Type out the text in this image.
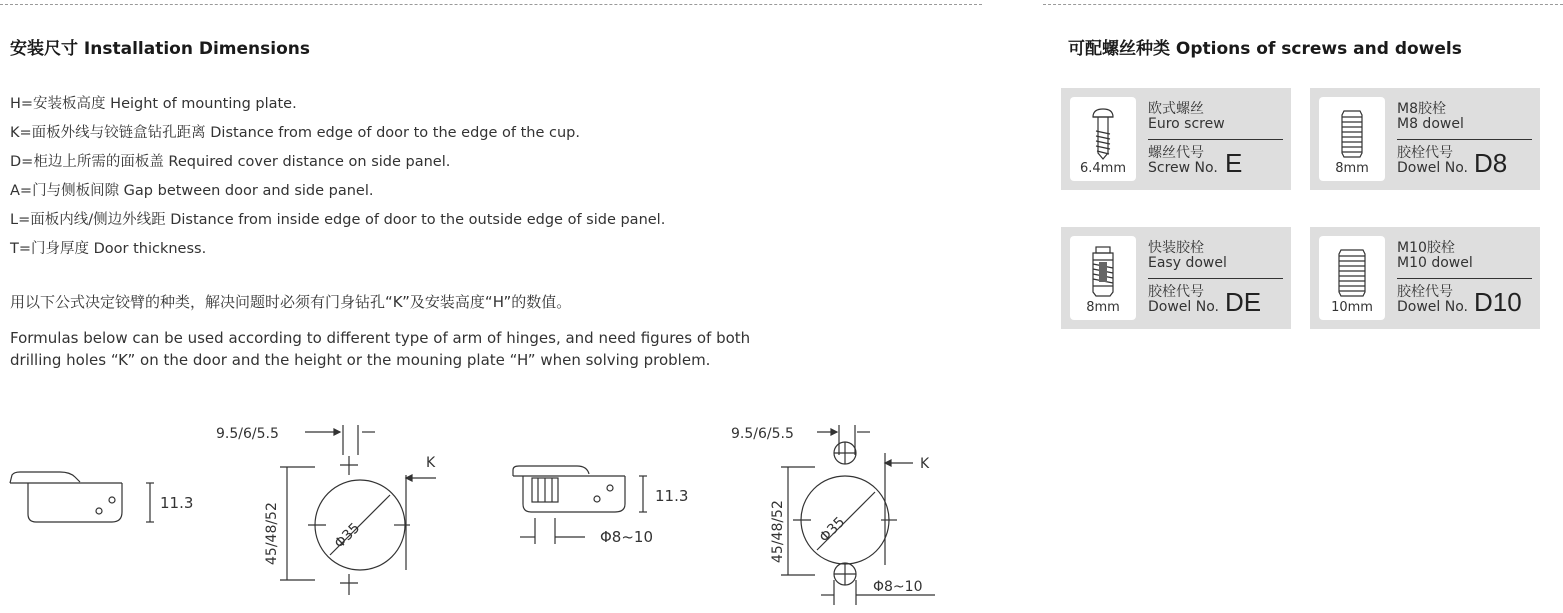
安装尺寸 Installation Dimensions
H=安装板高度 Height of mounting plate.
K=面板外线与铰链盒钻孔距离 Distance from edge of door to the edge of the cup.
D=柜边上所需的面板盖 Required cover distance on side panel.
A=门与侧板间隙 Gap between door and side panel.
L=面板内线/侧边外线距 Distance from inside edge of door to the outside edge of side panel.
T=门身厚度 Door thickness.
用以下公式决定铰臂的种类，解决问题时必须有门身钻孔“K”及安装高度“H”的数值。
Formulas below can be used according to different type of arm of hinges, and need figures of both
drilling holes “K” on the door and the height or the mouning plate “H” when solving problem.
11.3
9.5/6/5.5
K
45/48/52	Φ35
11.3
Φ8~10
9.5/6/5.5
K
45/48/52 Φ35
Φ8~10
可配螺丝种类 Options of screws and dowels
6.4mm
欧式螺丝
Euro screw
螺丝代号
Screw No. E	8mm
M8胶栓
M8 dowel
胶栓代号
Dowel No. D8
8mm
快装胶栓
Easy dowel
胶栓代号
Dowel No. DE	10mm
M10胶栓
M10 dowel
胶栓代号
Dowel No. D10
